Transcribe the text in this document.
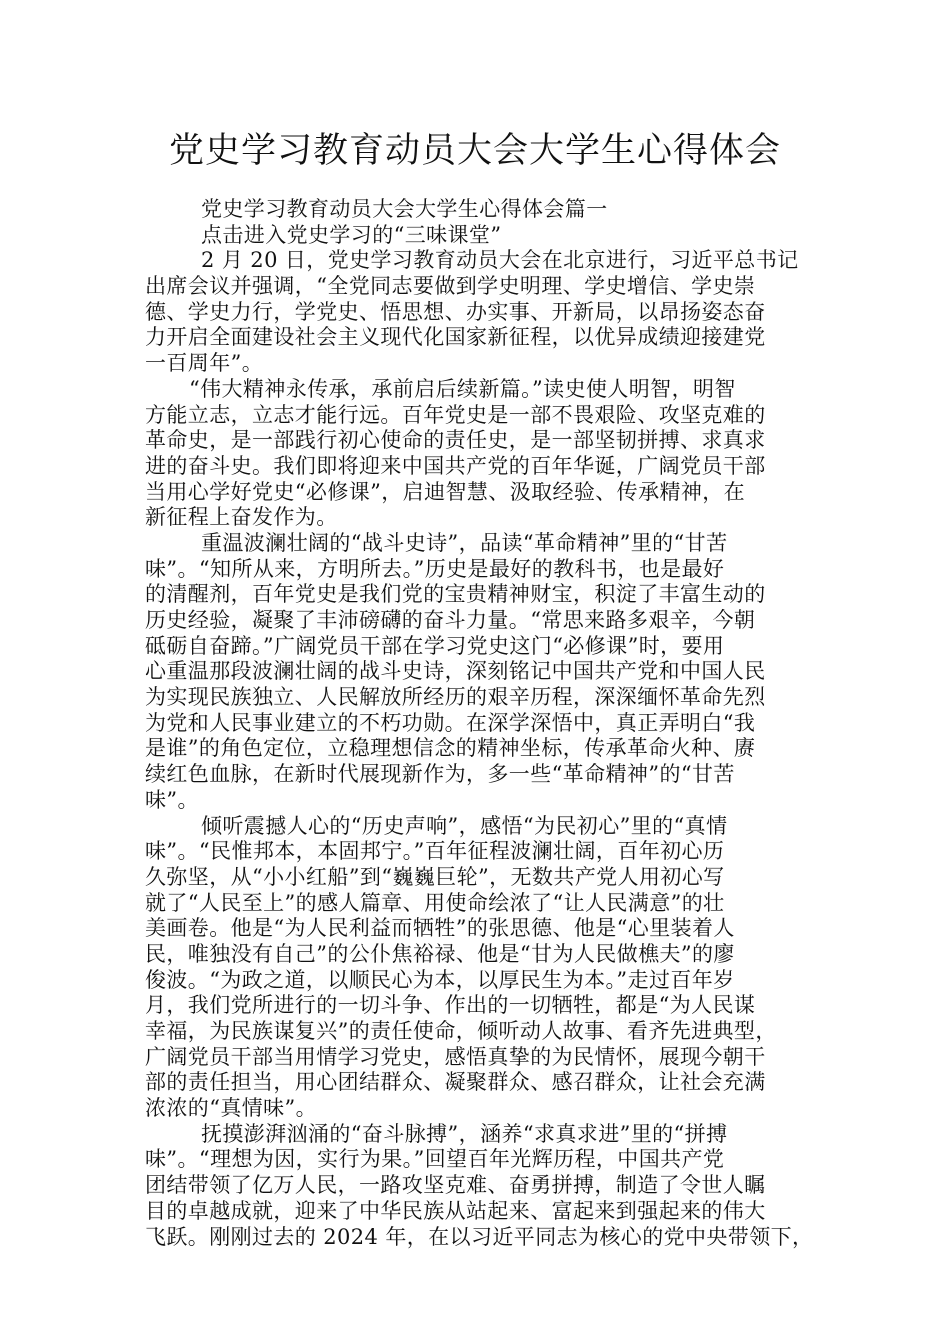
党史学习教育动员大会大学生心得体会

党史学习教育动员大会大学生心得体会篇一

点击进入党史学习的“三味课堂”

2 月 20 日，党史学习教育动员大会在北京进行，习近平总书记

出席会议并强调，“全党同志要做到学史明理、学史增信、学史崇

德、学史力行，学党史、悟思想、办实事、开新局，以昂扬姿态奋

力开启全面建设社会主义现代化国家新征程，以优异成绩迎接建党

一百周年”。

“伟大精神永传承，承前启后续新篇。”读史使人明智，明智

方能立志，立志才能行远。百年党史是一部不畏艰险、攻坚克难的

革命史，是一部践行初心使命的责任史，是一部坚韧拼搏、求真求

进的奋斗史。我们即将迎来中国共产党的百年华诞，广阔党员干部

当用心学好党史“必修课”，启迪智慧、汲取经验、传承精神，在

新征程上奋发作为。

重温波澜壮阔的“战斗史诗”，品读“革命精神”里的“甘苦

味”。“知所从来，方明所去。”历史是最好的教科书，也是最好

的清醒剂，百年党史是我们党的宝贵精神财宝，积淀了丰富生动的

历史经验，凝聚了丰沛磅礴的奋斗力量。“常思来路多艰辛，今朝

砥砺自奋蹄。”广阔党员干部在学习党史这门“必修课”时，要用

心重温那段波澜壮阔的战斗史诗，深刻铭记中国共产党和中国人民

为实现民族独立、人民解放所经历的艰辛历程，深深缅怀革命先烈

为党和人民事业建立的不朽功勋。在深学深悟中，真正弄明白“我

是谁”的角色定位，立稳理想信念的精神坐标，传承革命火种、赓

续红色血脉，在新时代展现新作为，多一些“革命精神”的“甘苦

味”。

倾听震撼人心的“历史声响”，感悟“为民初心”里的“真情

味”。“民惟邦本，本固邦宁。”百年征程波澜壮阔，百年初心历

久弥坚，从“小小红船”到“巍巍巨轮”，无数共产党人用初心写

就了“人民至上”的感人篇章、用使命绘浓了“让人民满意”的壮

美画卷。他是“为人民利益而牺牲”的张思德、他是“心里装着人

民，唯独没有自己”的公仆焦裕禄、他是“甘为人民做樵夫”的廖

俊波。“为政之道，以顺民心为本，以厚民生为本。”走过百年岁

月，我们党所进行的一切斗争、作出的一切牺牲，都是“为人民谋

幸福，为民族谋复兴”的责任使命，倾听动人故事、看齐先进典型，

广阔党员干部当用情学习党史，感悟真挚的为民情怀，展现今朝干

部的责任担当，用心团结群众、凝聚群众、感召群众，让社会充满

浓浓的“真情味”。

抚摸澎湃汹涌的“奋斗脉搏”，涵养“求真求进”里的“拼搏

味”。“理想为因，实行为果。”回望百年光辉历程，中国共产党

团结带领了亿万人民，一路攻坚克难、奋勇拼搏，制造了令世人瞩

目的卓越成就，迎来了中华民族从站起来、富起来到强起来的伟大

飞跃。刚刚过去的 2024 年，在以习近平同志为核心的党中央带领下，
